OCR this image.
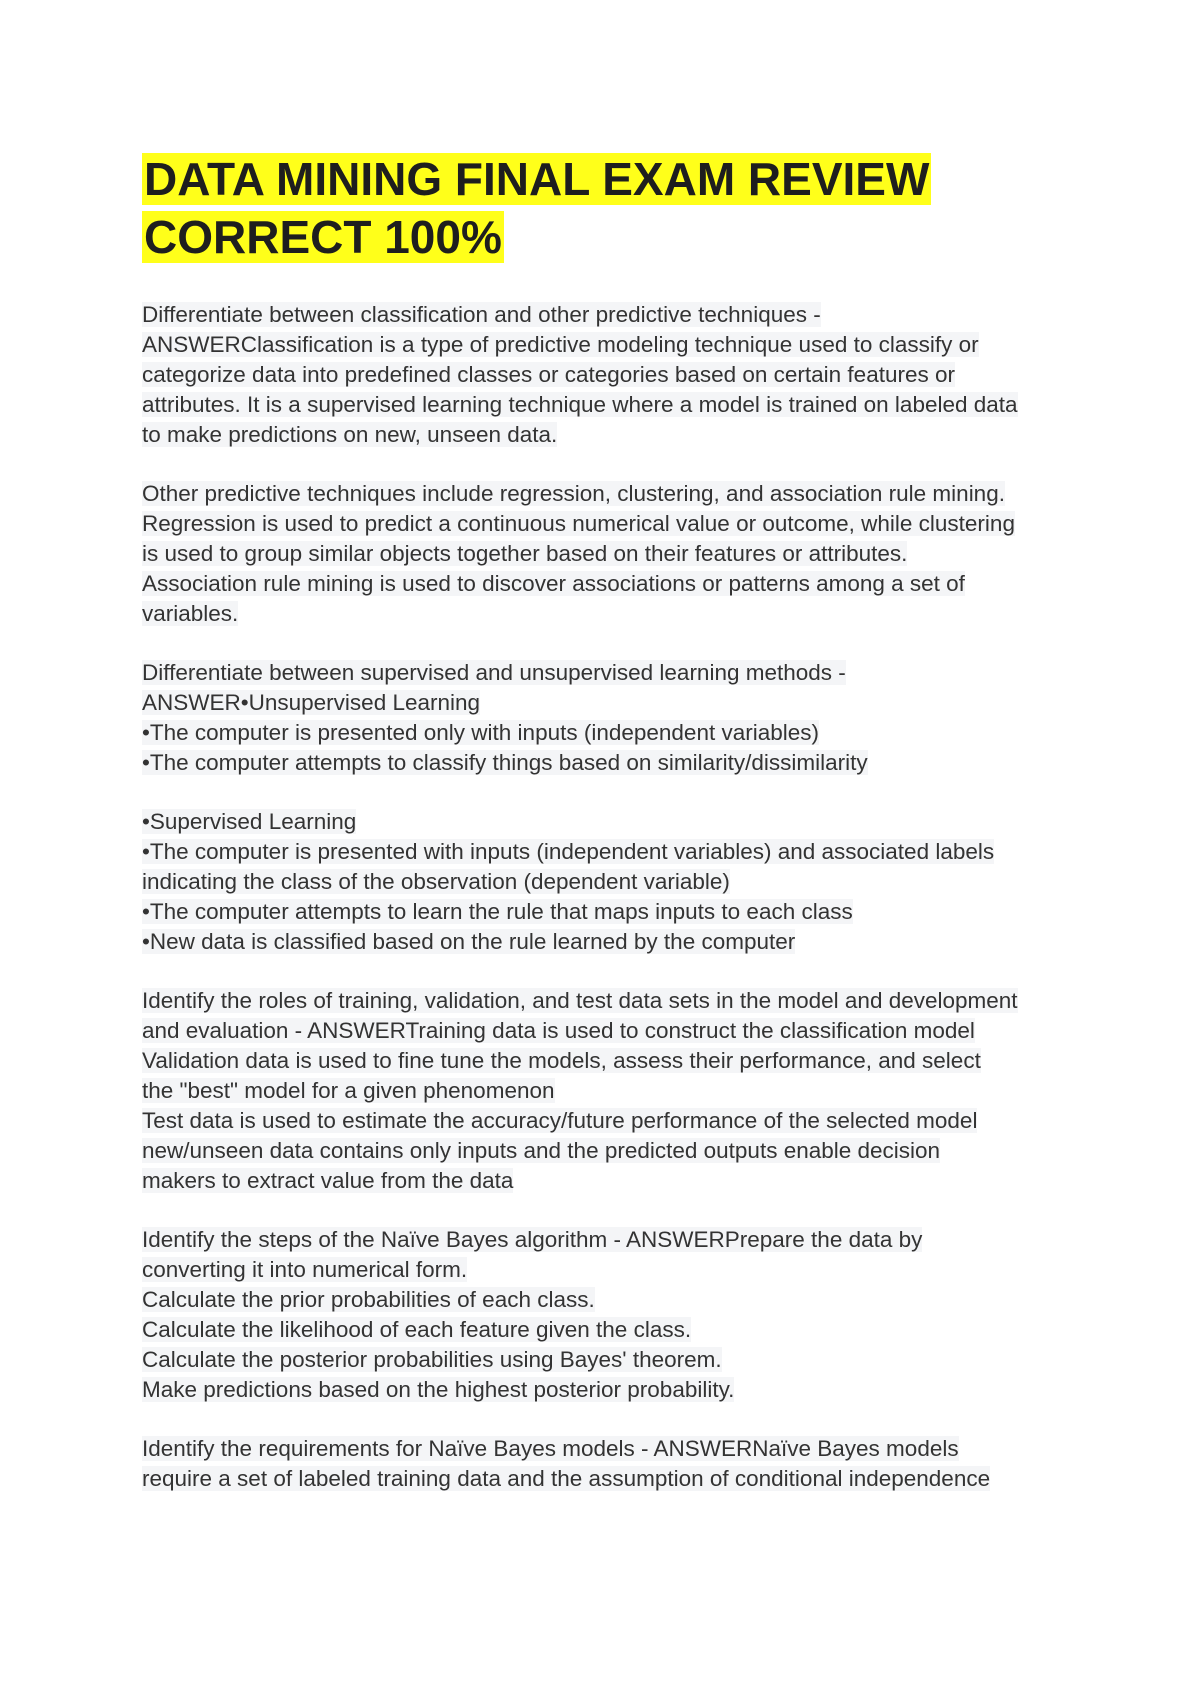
DATA MINING FINAL EXAM REVIEW
CORRECT 100%
Differentiate between classification and other predictive techniques -
ANSWERClassification is a type of predictive modeling technique used to classify or
categorize data into predefined classes or categories based on certain features or
attributes. It is a supervised learning technique where a model is trained on labeled data
to make predictions on new, unseen data.
Other predictive techniques include regression, clustering, and association rule mining.
Regression is used to predict a continuous numerical value or outcome, while clustering
is used to group similar objects together based on their features or attributes.
Association rule mining is used to discover associations or patterns among a set of
variables.
Differentiate between supervised and unsupervised learning methods -
ANSWER•Unsupervised Learning
•The computer is presented only with inputs (independent variables)
•The computer attempts to classify things based on similarity/dissimilarity
•Supervised Learning
•The computer is presented with inputs (independent variables) and associated labels
indicating the class of the observation (dependent variable)
•The computer attempts to learn the rule that maps inputs to each class
•New data is classified based on the rule learned by the computer
Identify the roles of training, validation, and test data sets in the model and development
and evaluation - ANSWERTraining data is used to construct the classification model
Validation data is used to fine tune the models, assess their performance, and select
the "best" model for a given phenomenon
Test data is used to estimate the accuracy/future performance of the selected model
new/unseen data contains only inputs and the predicted outputs enable decision
makers to extract value from the data
Identify the steps of the Naïve Bayes algorithm - ANSWERPrepare the data by
converting it into numerical form.
Calculate the prior probabilities of each class.
Calculate the likelihood of each feature given the class.
Calculate the posterior probabilities using Bayes' theorem.
Make predictions based on the highest posterior probability.
Identify the requirements for Naïve Bayes models - ANSWERNaïve Bayes models
require a set of labeled training data and the assumption of conditional independence
